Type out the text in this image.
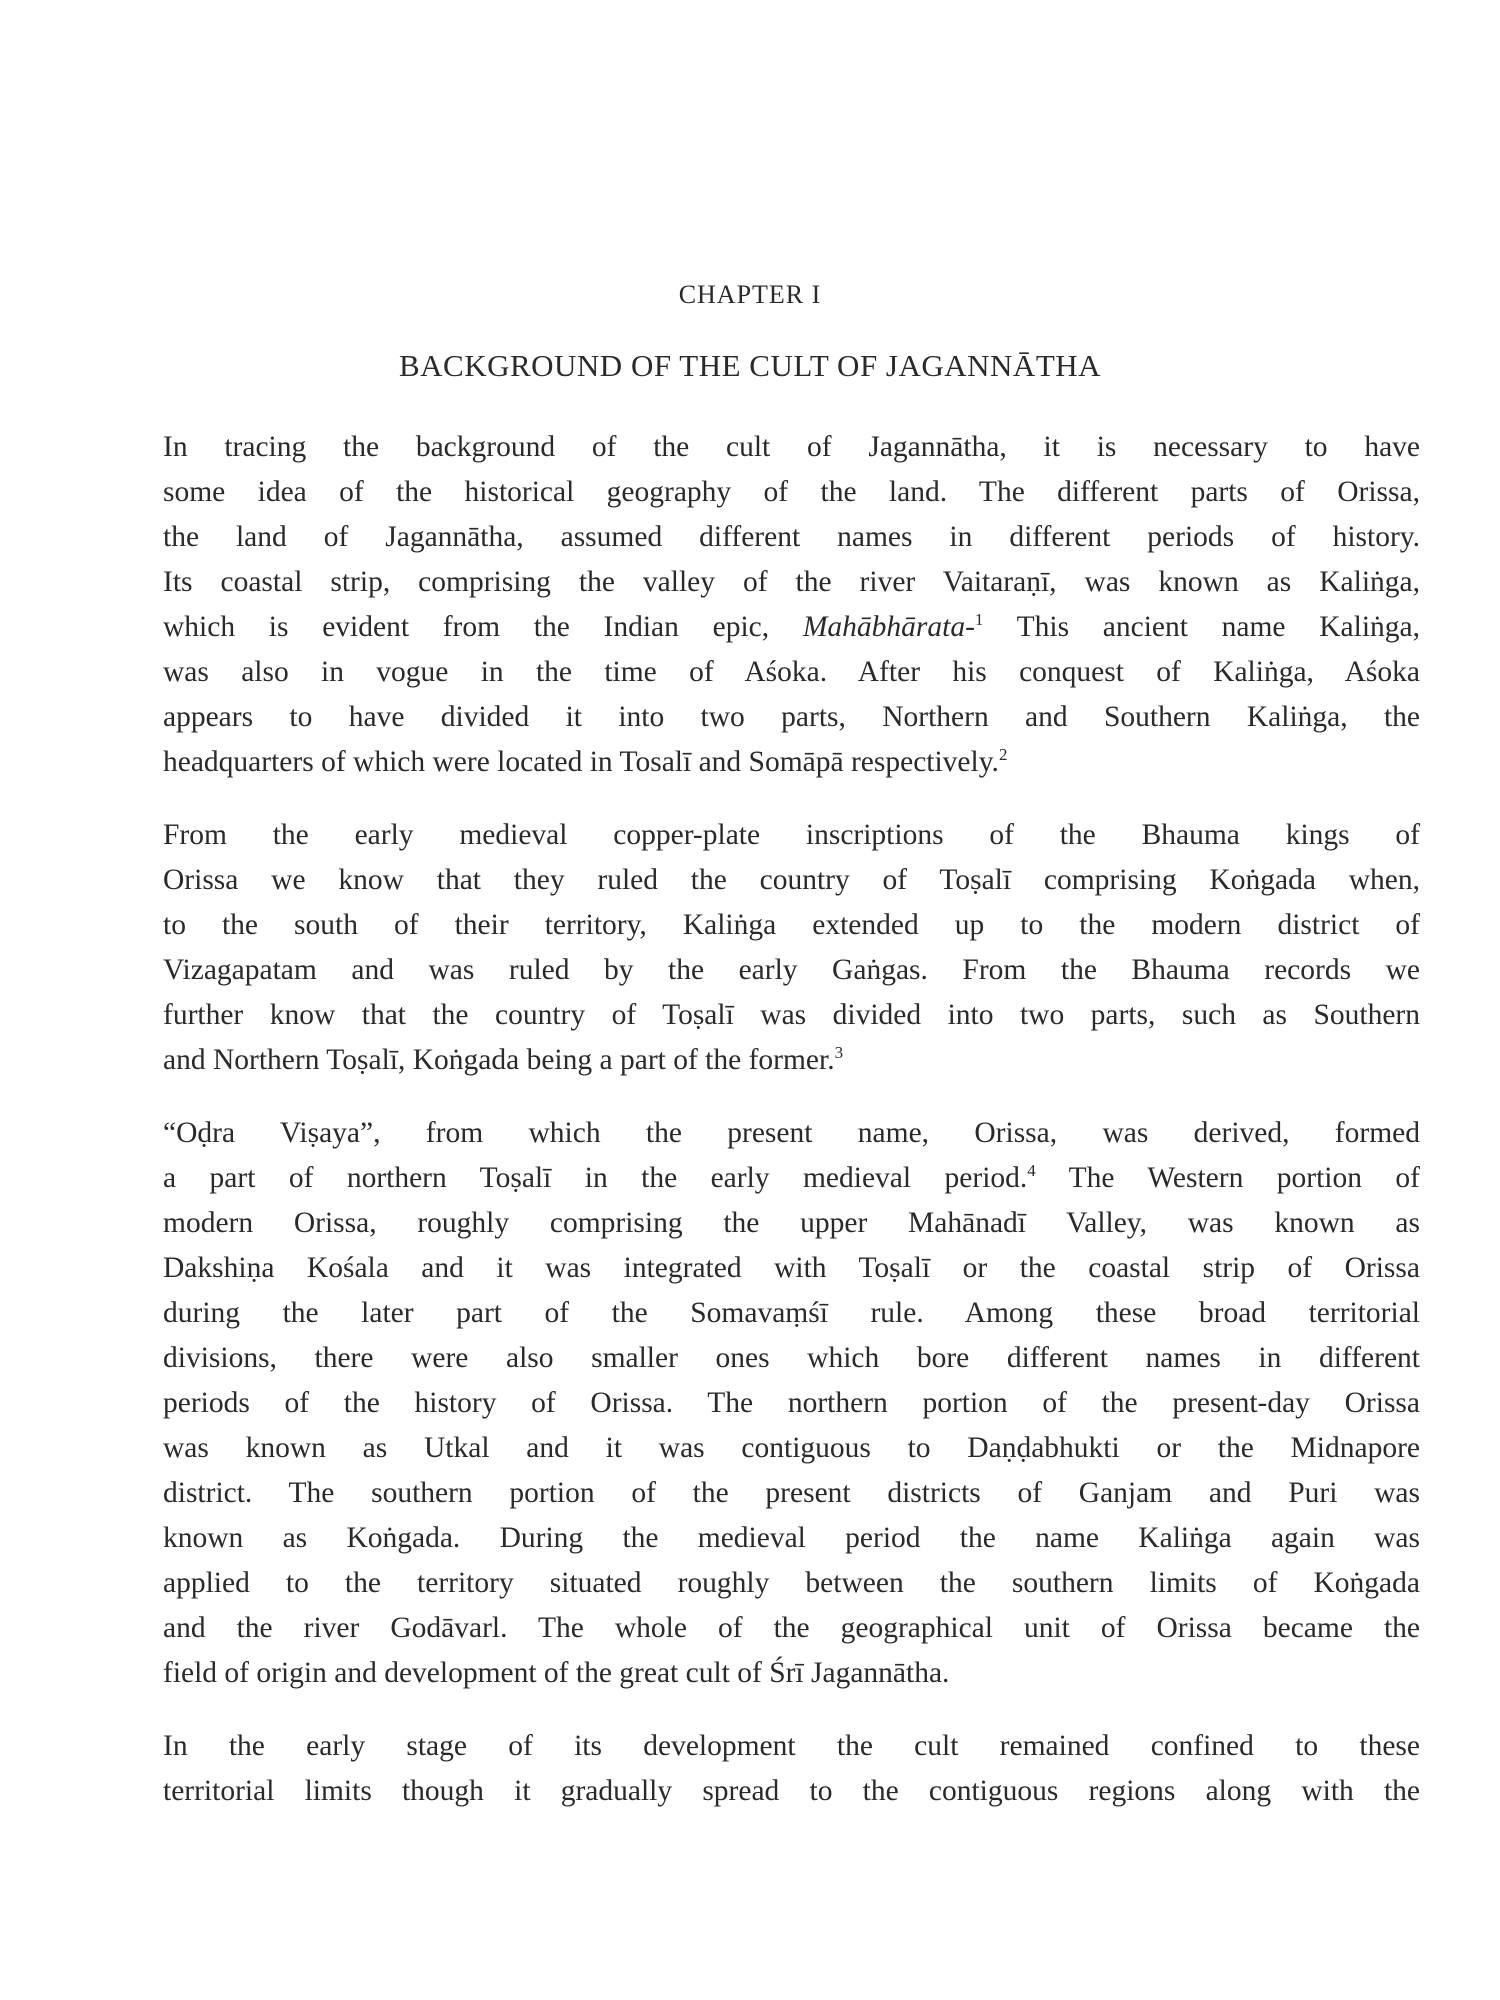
CHAPTER I
BACKGROUND OF THE CULT OF JAGANNĀTHA

In tracing the background of the cult of Jagannātha, it is necessary to have
some idea of the historical geography of the land. The different parts of Orissa,
the land of Jagannātha, assumed different names in different periods of history.
Its coastal strip, comprising the valley of the river Vaitaraṇī, was known as Kaliṅga,
which is evident from the Indian epic, Mahābhārata-$^1$ This ancient name Kaliṅga,
was also in vogue in the time of Aśoka. After his conquest of Kaliṅga, Aśoka
appears to have divided it into two parts, Northern and Southern Kaliṅga, the
headquarters of which were located in Tosalī and Somāpā respectively.$^2$

From the early medieval copper-plate inscriptions of the Bhauma kings of
Orissa we know that they ruled the country of Toṣalī comprising Koṅgada when,
to the south of their territory, Kaliṅga extended up to the modern district of
Vizagapatam and was ruled by the early Gaṅgas. From the Bhauma records we
further know that the country of Toṣalī was divided into two parts, such as Southern
and Northern Toṣalī, Koṅgada being a part of the former.$^3$

“Oḍra Viṣaya”, from which the present name, Orissa, was derived, formed
a part of northern Toṣalī in the early medieval period.$^4$ The Western portion of
modern Orissa, roughly comprising the upper Mahānadī Valley, was known as
Dakshiṇa Kośala and it was integrated with Toṣalī or the coastal strip of Orissa
during the later part of the Somavaṃśī rule. Among these broad territorial
divisions, there were also smaller ones which bore different names in different
periods of the history of Orissa. The northern portion of the present-day Orissa
was known as Utkal and it was contiguous to Daṇḍabhukti or the Midnapore
district. The southern portion of the present districts of Ganjam and Puri was
known as Koṅgada. During the medieval period the name Kaliṅga again was
applied to the territory situated roughly between the southern limits of Koṅgada
and the river Godāvarl. The whole of the geographical unit of Orissa became the
field of origin and development of the great cult of Śrī Jagannātha.

In the early stage of its development the cult remained confined to these
territorial limits though it gradually spread to the contiguous regions along with the
